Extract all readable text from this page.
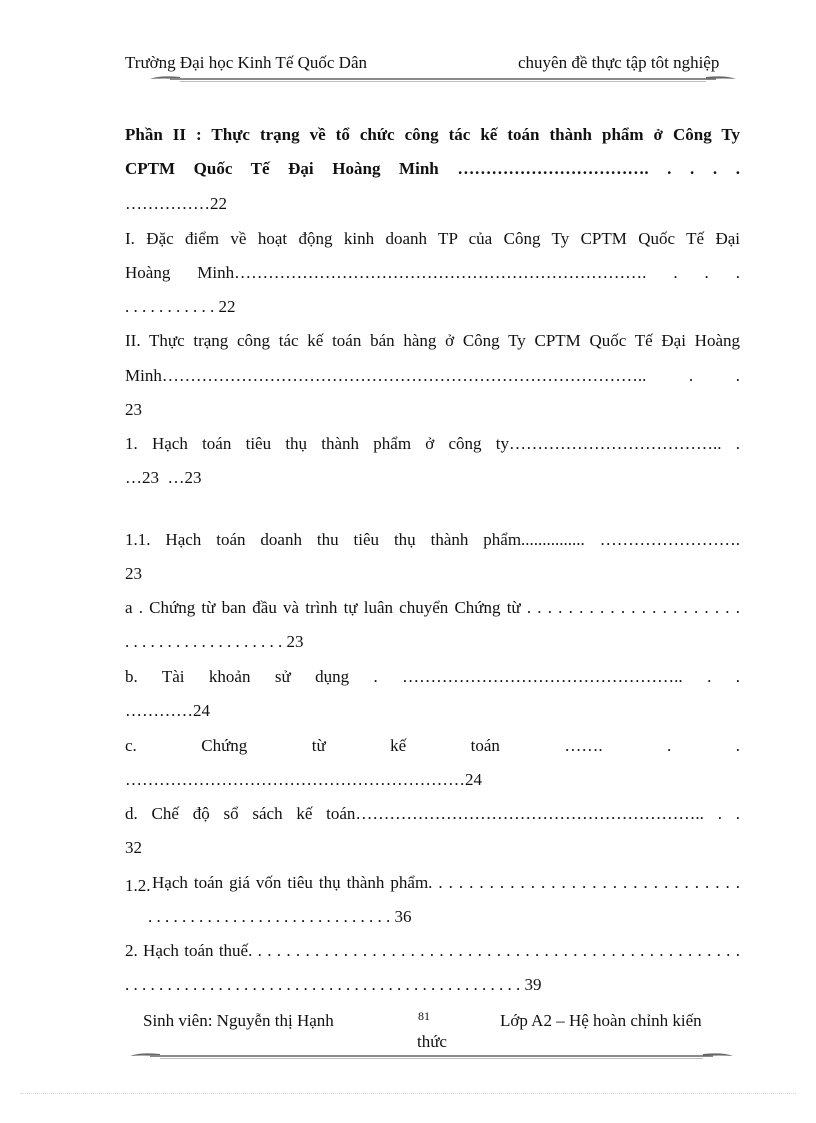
Trường Đại học Kinh Tế Quốc Dân	chuyên đề thực tập tôt nghiệp
Phần II : Thực trạng về tổ chức công tác kế toán thành phẩm ở Công Ty
CPTM Quốc Tế Đại Hoàng Minh ……………………………. . . . .
……………22
I. Đặc điểm về hoạt động kinh doanh TP của Công Ty CPTM Quốc Tế Đại
Hoàng Minh………………………………………………………………. . . .
. . . . . . . . . . . 22
II. Thực trạng công tác kế toán bán hàng ở Công Ty CPTM Quốc Tế Đại Hoàng
Minh………………………………………………………………………….. . .
23
1. Hạch toán tiêu thụ thành phẩm ở công ty……………………………….. .
…23  …23
1.1. Hạch toán doanh thu tiêu thụ thành phẩm............... …………………….
23
a . Chứng từ ban đầu và trình tự luân chuyển Chứng từ . . . . . . . . . . . . . . . . . . . . .
. . . . . . . . . . . . . . . . . . . 23
b. Tài khoản sử dụng . ………………………………………….. . .
…………24
c. Chứng từ kế toán ……. . .
……………………………………………………24
d. Chế độ sổ sách kế toán…………………………………………………….. . .
32
1.2. Hạch toán giá vốn tiêu thụ thành phẩm. . . . . . . . . . . . . . . . . . . . . . . . . . . . . . .
. . . . . . . . . . . . . . . . . . . . . . . . . . . . . 36
2. Hạch toán thuế. . . . . . . . . . . . . . . . . . . . . . . . . . . . . . . . . . . . . . . . . . . . . . . . . . . .
. . . . . . . . . . . . . . . . . . . . . . . . . . . . . . . . . . . . . . . . . . . . . . . 39
Sinh viên: Nguyễn thị Hạnh	81	Lớp A2 – Hệ hoàn chỉnh kiến
thức
